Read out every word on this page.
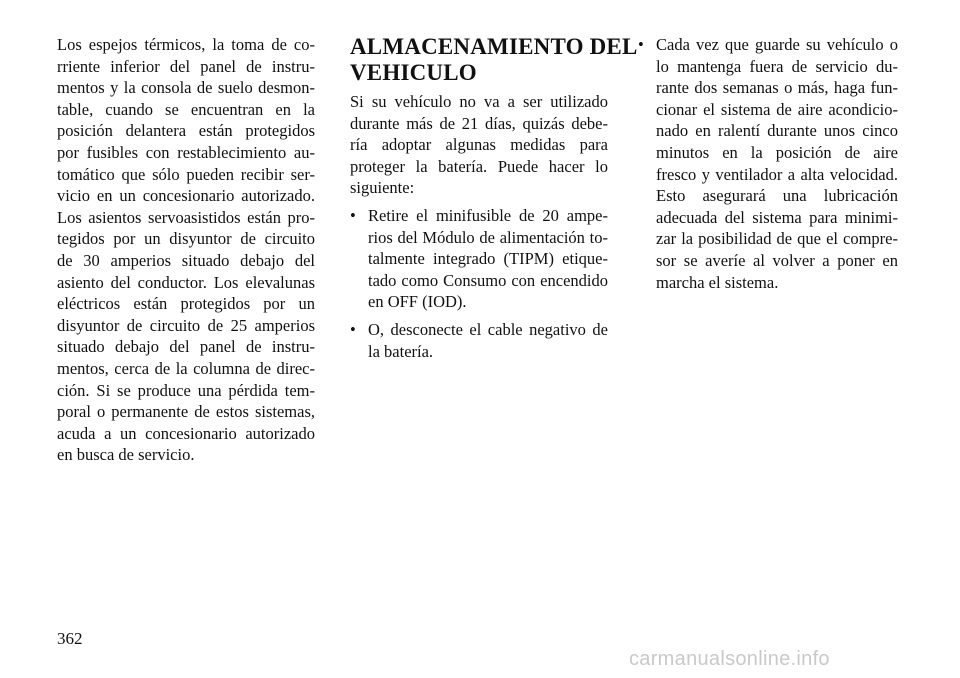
Los espejos térmicos, la toma de co-
rriente inferior del panel de instru-
mentos y la consola de suelo desmon-
table, cuando se encuentran en la
posición delantera están protegidos
por fusibles con restablecimiento au-
tomático que sólo pueden recibir ser-
vicio en un concesionario autorizado.
Los asientos servoasistidos están pro-
tegidos por un disyuntor de circuito
de 30 amperios situado debajo del
asiento del conductor. Los elevalunas
eléctricos están protegidos por un
disyuntor de circuito de 25 amperios
situado debajo del panel de instru-
mentos, cerca de la columna de direc-
ción. Si se produce una pérdida tem-
poral o permanente de estos sistemas,
acuda a un concesionario autorizado
en busca de servicio.
ALMACENAMIENTO DEL
VEHICULO
Si su vehículo no va a ser utilizado
durante más de 21 días, quizás debe-
ría adoptar algunas medidas para
proteger la batería. Puede hacer lo
siguiente:
• Retire el minifusible de 20 ampe-
rios del Módulo de alimentación to-
talmente integrado (TIPM) etique-
tado como Consumo con encendido
en OFF (IOD).
• O, desconecte el cable negativo de
la batería.
• Cada vez que guarde su vehículo o
lo mantenga fuera de servicio du-
rante dos semanas o más, haga fun-
cionar el sistema de aire acondicio-
nado en ralentí durante unos cinco
minutos en la posición de aire
fresco y ventilador a alta velocidad.
Esto asegurará una lubricación
adecuada del sistema para minimi-
zar la posibilidad de que el compre-
sor se averíe al volver a poner en
marcha el sistema.
362
carmanualsonline.info
